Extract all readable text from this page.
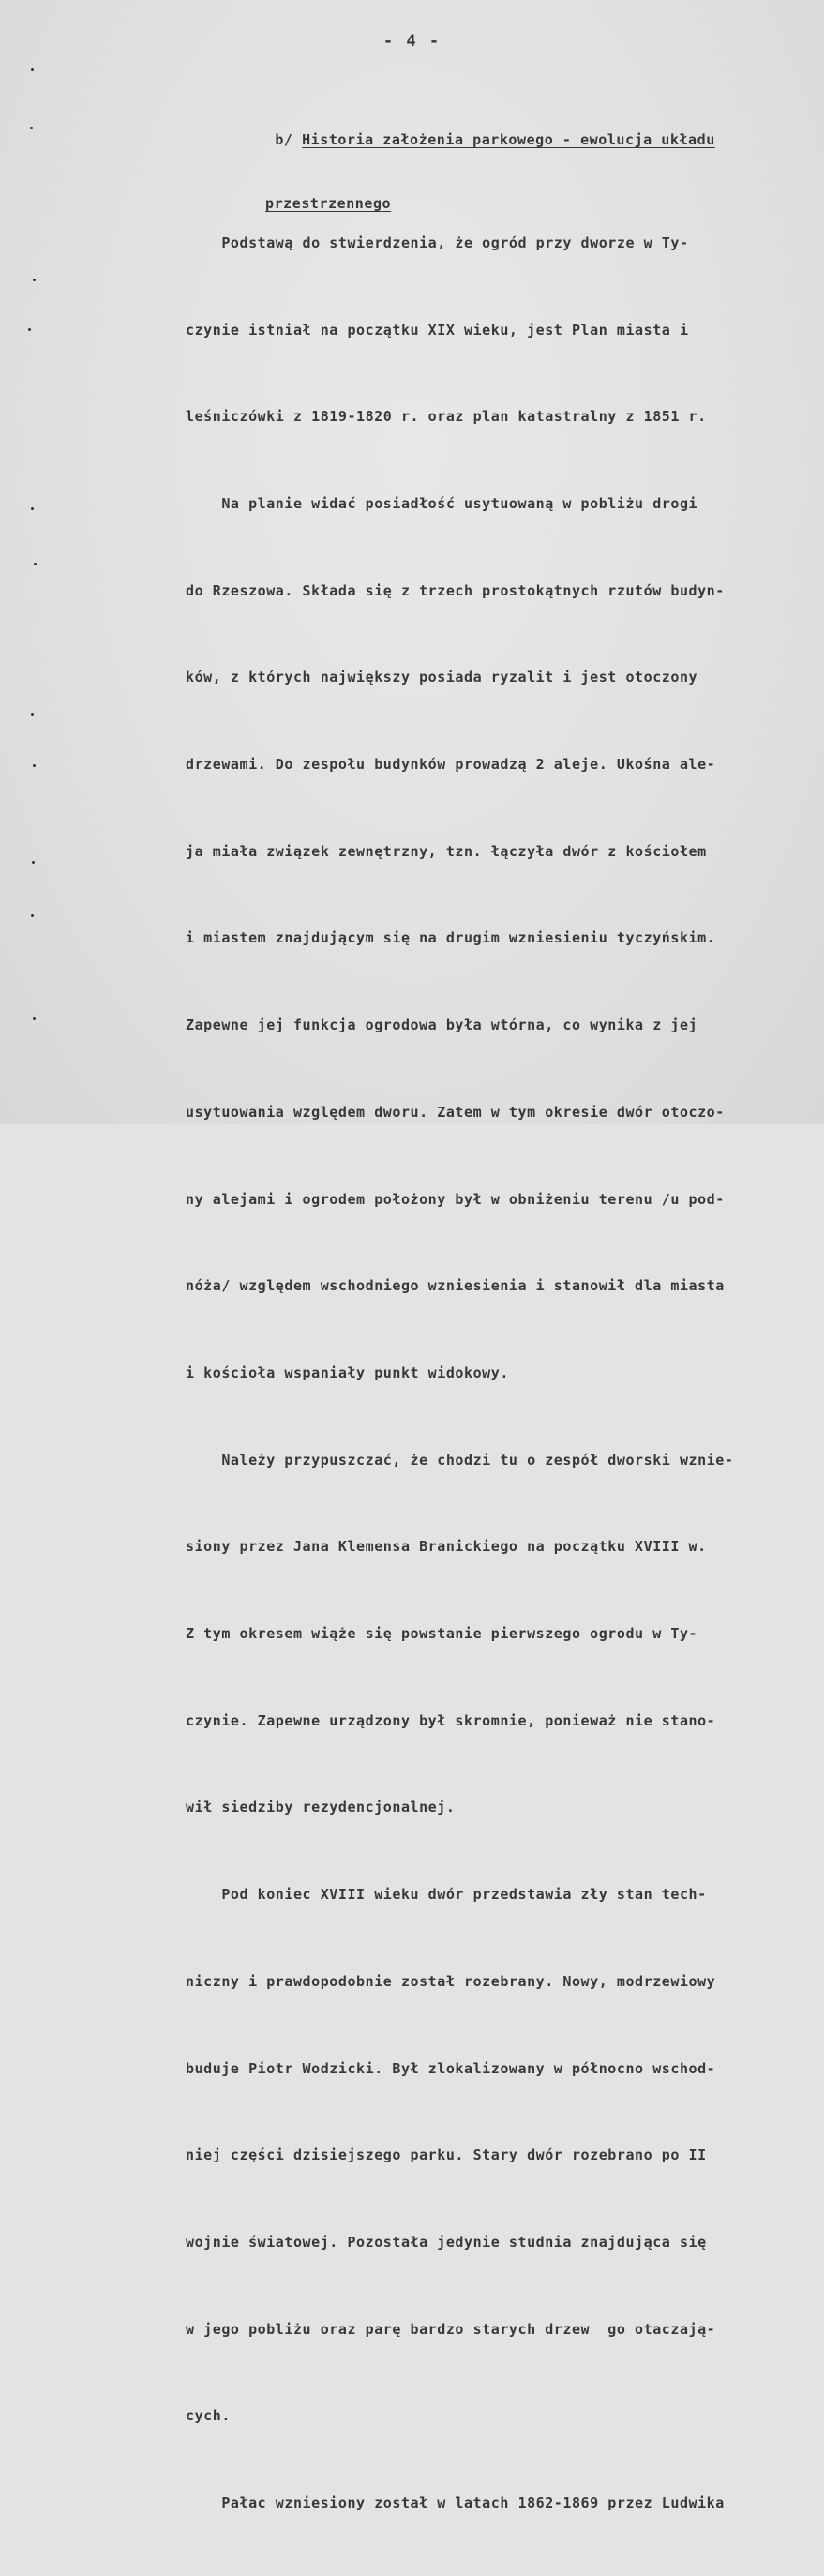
- 4 -

b/ Historia założenia parkowego - ewolucja układu

przestrzennego

Podstawą do stwierdzenia, że ogród przy dworze w Ty-

czynie istniał na początku XIX wieku, jest Plan miasta i

leśniczówki z 1819-1820 r. oraz plan katastralny z 1851 r.

Na planie widać posiadłość usytuowaną w pobliżu drogi

do Rzeszowa. Składa się z trzech prostokątnych rzutów budyn-

ków, z których największy posiada ryzalit i jest otoczony

drzewami. Do zespołu budynków prowadzą 2 aleje. Ukośna ale-

ja miała związek zewnętrzny, tzn. łączyła dwór z kościołem

i miastem znajdującym się na drugim wzniesieniu tyczyńskim.

Zapewne jej funkcja ogrodowa była wtórna, co wynika z jej

usytuowania względem dworu. Zatem w tym okresie dwór otoczo-

ny alejami i ogrodem położony był w obniżeniu terenu /u pod-

nóża/ względem wschodniego wzniesienia i stanowił dla miasta

i kościoła wspaniały punkt widokowy.

Należy przypuszczać, że chodzi tu o zespół dworski wznie-

siony przez Jana Klemensa Branickiego na początku XVIII w.

Z tym okresem wiąże się powstanie pierwszego ogrodu w Ty-

czynie. Zapewne urządzony był skromnie, ponieważ nie stano-

wił siedziby rezydencjonalnej.

Pod koniec XVIII wieku dwór przedstawia zły stan tech-

niczny i prawdopodobnie został rozebrany. Nowy, modrzewiowy

buduje Piotr Wodzicki. Był zlokalizowany w północno wschod-

niej części dzisiejszego parku. Stary dwór rozebrano po II

wojnie światowej. Pozostała jedynie studnia znajdująca się

w jego pobliżu oraz parę bardzo starych drzew  go otaczają-

cych.

Pałac wzniesiony został w latach 1862-1869 przez Ludwika
